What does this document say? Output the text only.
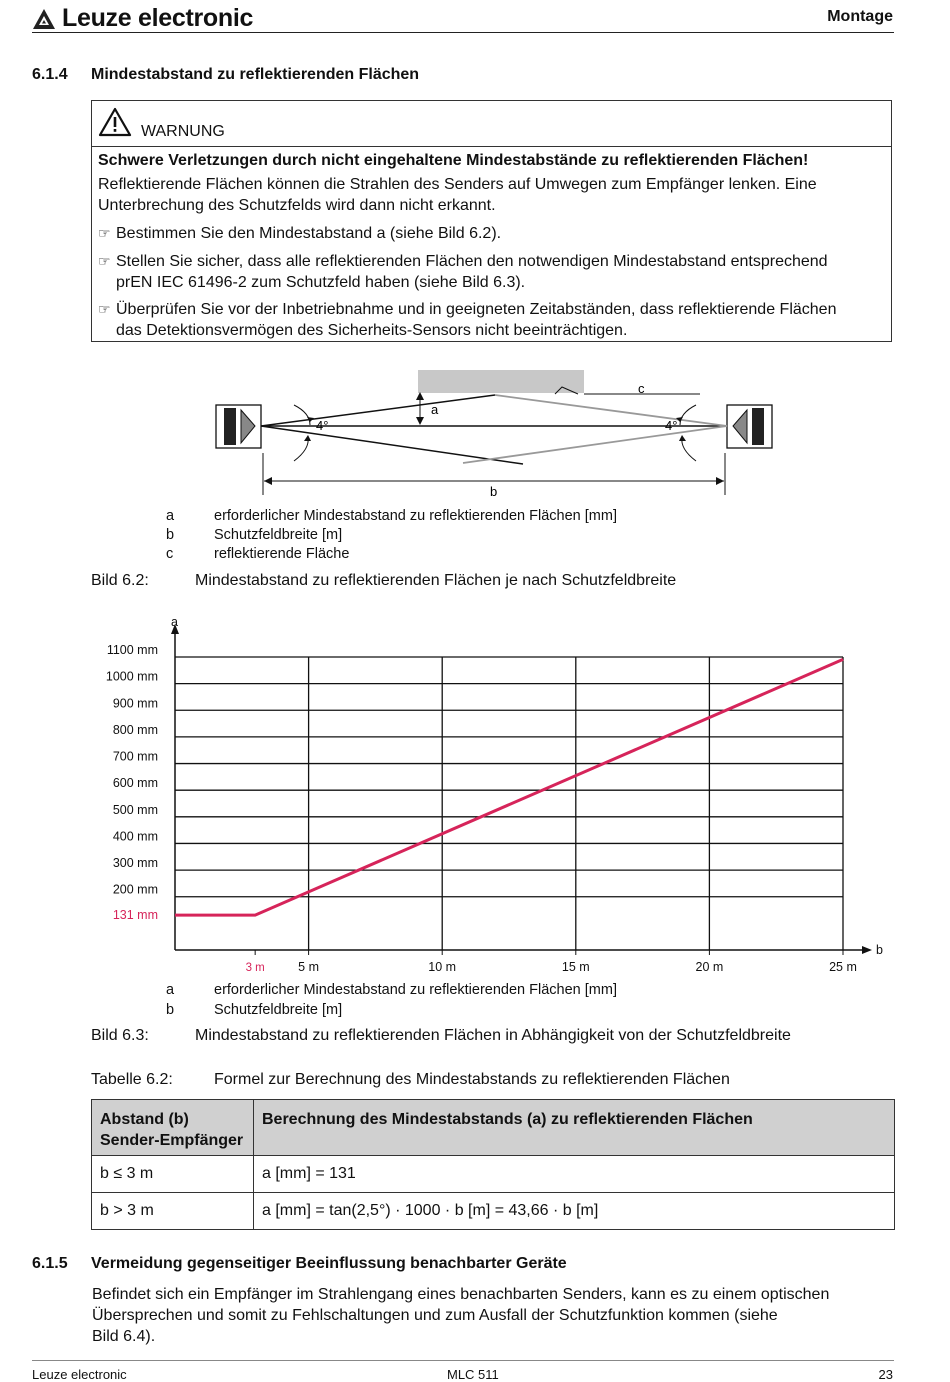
Leuze electronic	Montage
6.1.4 Mindestabstand zu reflektierenden Flächen
WARNUNG
Schwere Verletzungen durch nicht eingehaltene Mindestabstände zu reflektierenden Flächen!
Reflektierende Flächen können die Strahlen des Senders auf Umwegen zum Empfänger lenken. Eine
Unterbrechung des Schutzfelds wird dann nicht erkannt.
☞ Bestimmen Sie den Mindestabstand a (siehe Bild 6.2).
☞ Stellen Sie sicher, dass alle reflektierenden Flächen den notwendigen Mindestabstand entsprechend
prEN IEC 61496-2 zum Schutzfeld haben (siehe Bild 6.3).
☞ Überprüfen Sie vor der Inbetriebnahme und in geeigneten Zeitabständen, dass reflektierende Flächen
das Detektionsvermögen des Sicherheits-Sensors nicht beeinträchtigen.
a
c
4°	4°
b
a	erforderlicher Mindestabstand zu reflektierenden Flächen [mm]
b	Schutzfeldbreite [m]
c	reflektierende Fläche
Bild 6.2:	Mindestabstand zu reflektierenden Flächen je nach Schutzfeldbreite
a
b
131 mm
200 mm
300 mm
400 mm
500 mm
600 mm
700 mm
800 mm
900 mm
1000 mm
1100 mm
3 m	5 m	10 m	15 m	20 m	25 m
a	erforderlicher Mindestabstand zu reflektierenden Flächen [mm]
b	Schutzfeldbreite [m]
Bild 6.3:	Mindestabstand zu reflektierenden Flächen in Abhängigkeit von der Schutzfeldbreite
Tabelle 6.2:	Formel zur Berechnung des Mindestabstands zu reflektierenden Flächen
Abstand (b) Sender-Empfänger	Berechnung des Mindestabstands (a) zu reflektierenden Flächen
b ≤ 3 m	a [mm] = 131
b > 3 m	a [mm] = tan(2,5°) · 1000 · b [m] = 43,66 · b [m]
6.1.5 Vermeidung gegenseitiger Beeinflussung benachbarter Geräte
Befindet sich ein Empfänger im Strahlengang eines benachbarten Senders, kann es zu einem optischen
Übersprechen und somit zu Fehlschaltungen und zum Ausfall der Schutzfunktion kommen (siehe
Bild 6.4).
Leuze electronic	MLC 511	23
